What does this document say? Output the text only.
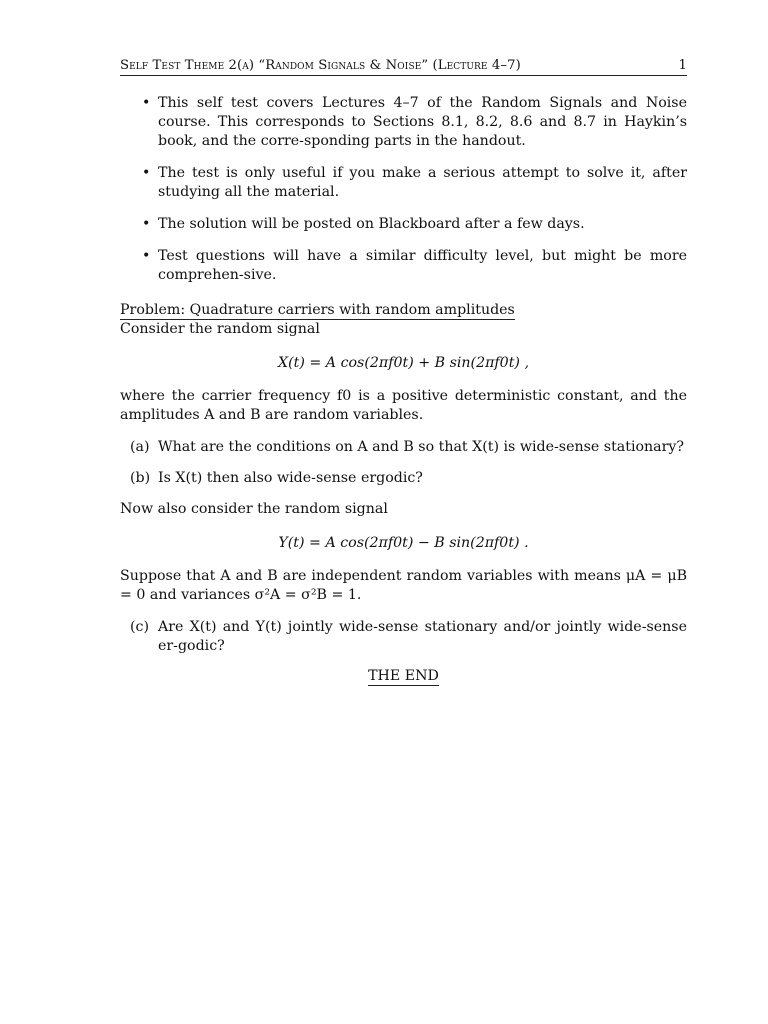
Self Test Theme 2(a) “Random Signals & Noise” (Lecture 4–7)	1
• This self test covers Lectures 4–7 of the Random Signals and Noise course. This corresponds to Sections 8.1, 8.2, 8.6 and 8.7 in Haykin’s book, and the corre-sponding parts in the handout.
• The test is only useful if you make a serious attempt to solve it, after studying all the material.
• The solution will be posted on Blackboard after a few days.
• Test questions will have a similar difficulty level, but might be more comprehen-sive.
Problem: Quadrature carriers with random amplitudes

Consider the random signal

X(t) = A cos(2πf0t) + B sin(2πf0t) ,

where the carrier frequency f0 is a positive deterministic constant, and the amplitudes A and B are random variables.

(a) What are the conditions on A and B so that X(t) is wide-sense stationary?
(b) Is X(t) then also wide-sense ergodic?

Now also consider the random signal

Y(t) = A cos(2πf0t) − B sin(2πf0t) .

Suppose that A and B are independent random variables with means μA = μB = 0 and variances σ²A = σ²B = 1.

(c) Are X(t) and Y(t) jointly wide-sense stationary and/or jointly wide-sense er-godic?
THE END
